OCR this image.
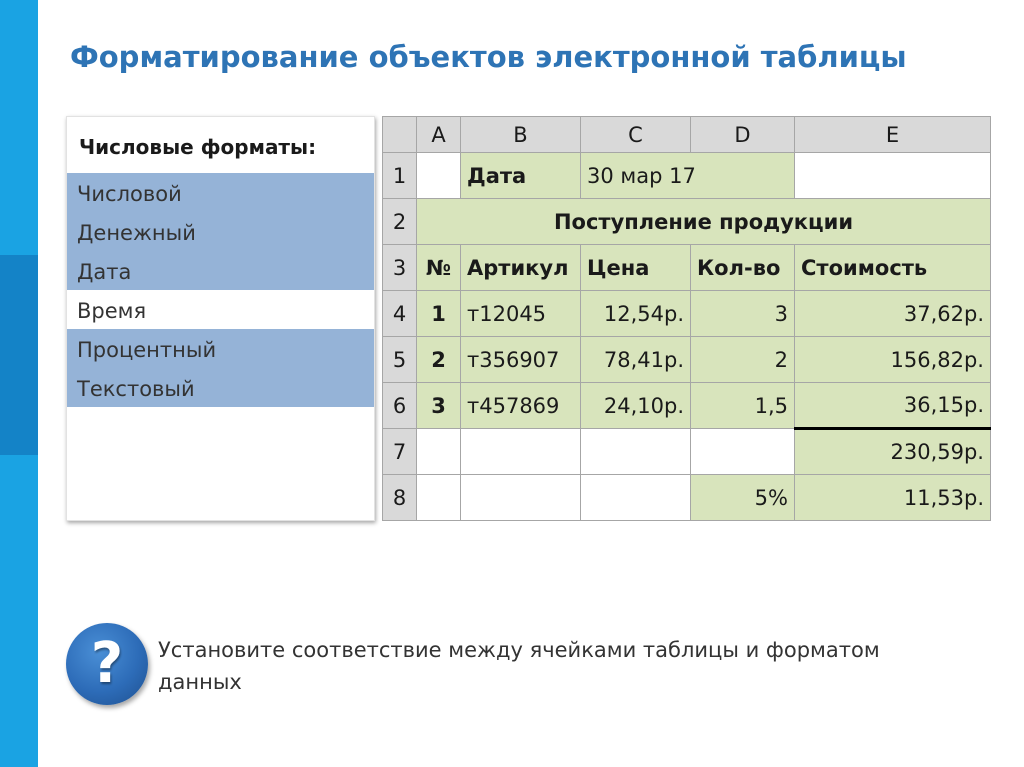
Форматирование объектов электронной таблицы
Числовые форматы:
Числовой
Денежный
Дата
Время
Процентный
Текстовый
	A	B	C	D	E
1		Дата	30 мар 17		
2	Поступление продукции				
3	№	Артикул	Цена	Кол-во	Стоимость
4	1	т12045	12,54р.	3	37,62р.
5	2	т356907	78,41р.	2	156,82р.
6	3	т457869	24,10р.	1,5	36,15р.
7					230,59р.
8				5%	11,53р.
? Установите соответствие между ячейками таблицы и форматом данных
